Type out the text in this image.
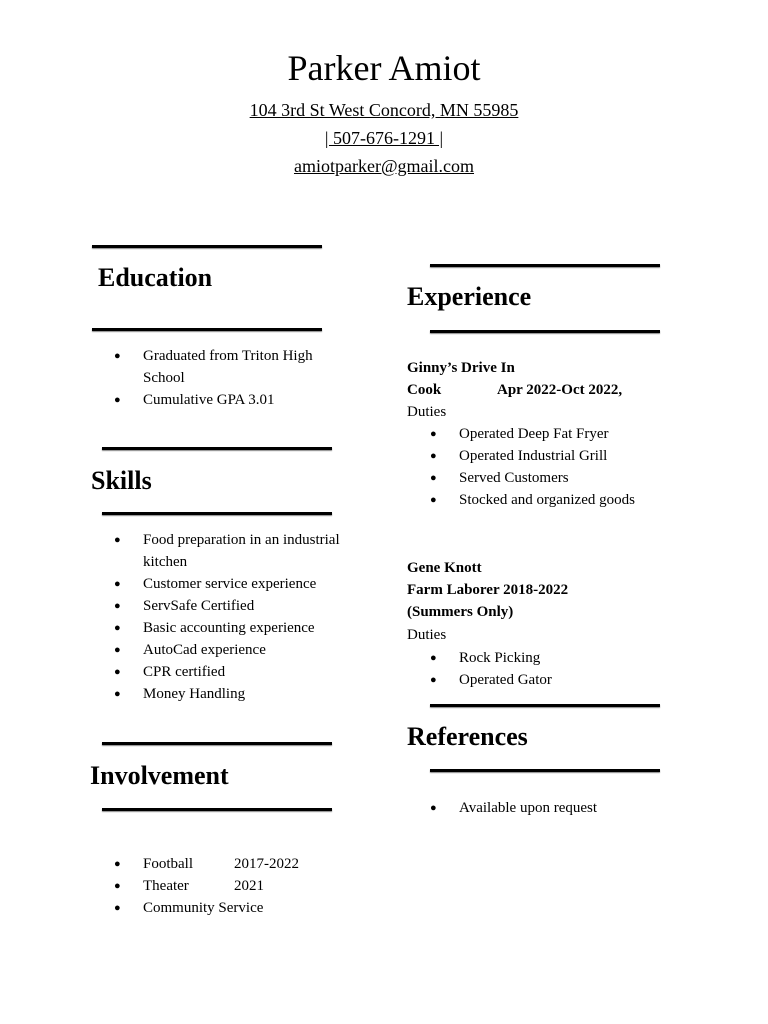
Parker Amiot
104 3rd St West Concord, MN 55985
| 507-676-1291 |
amiotparker@gmail.com
Education
● Graduated from Triton High School
● Cumulative GPA 3.01
Skills
● Food preparation in an industrial kitchen
● Customer service experience
● ServSafe Certified
● Basic accounting experience
● AutoCad experience
● CPR certified
● Money Handling
Involvement
● Football	2017-2022
● Theater	2021
● Community Service
Experience
Ginny’s Drive In
Cook	Apr 2022-Oct 2022,
Duties
● Operated Deep Fat Fryer
● Operated Industrial Grill
● Served Customers
● Stocked and organized goods
Gene Knott
Farm Laborer 2018-2022
(Summers Only)
Duties
● Rock Picking
● Operated Gator
References
● Available upon request
